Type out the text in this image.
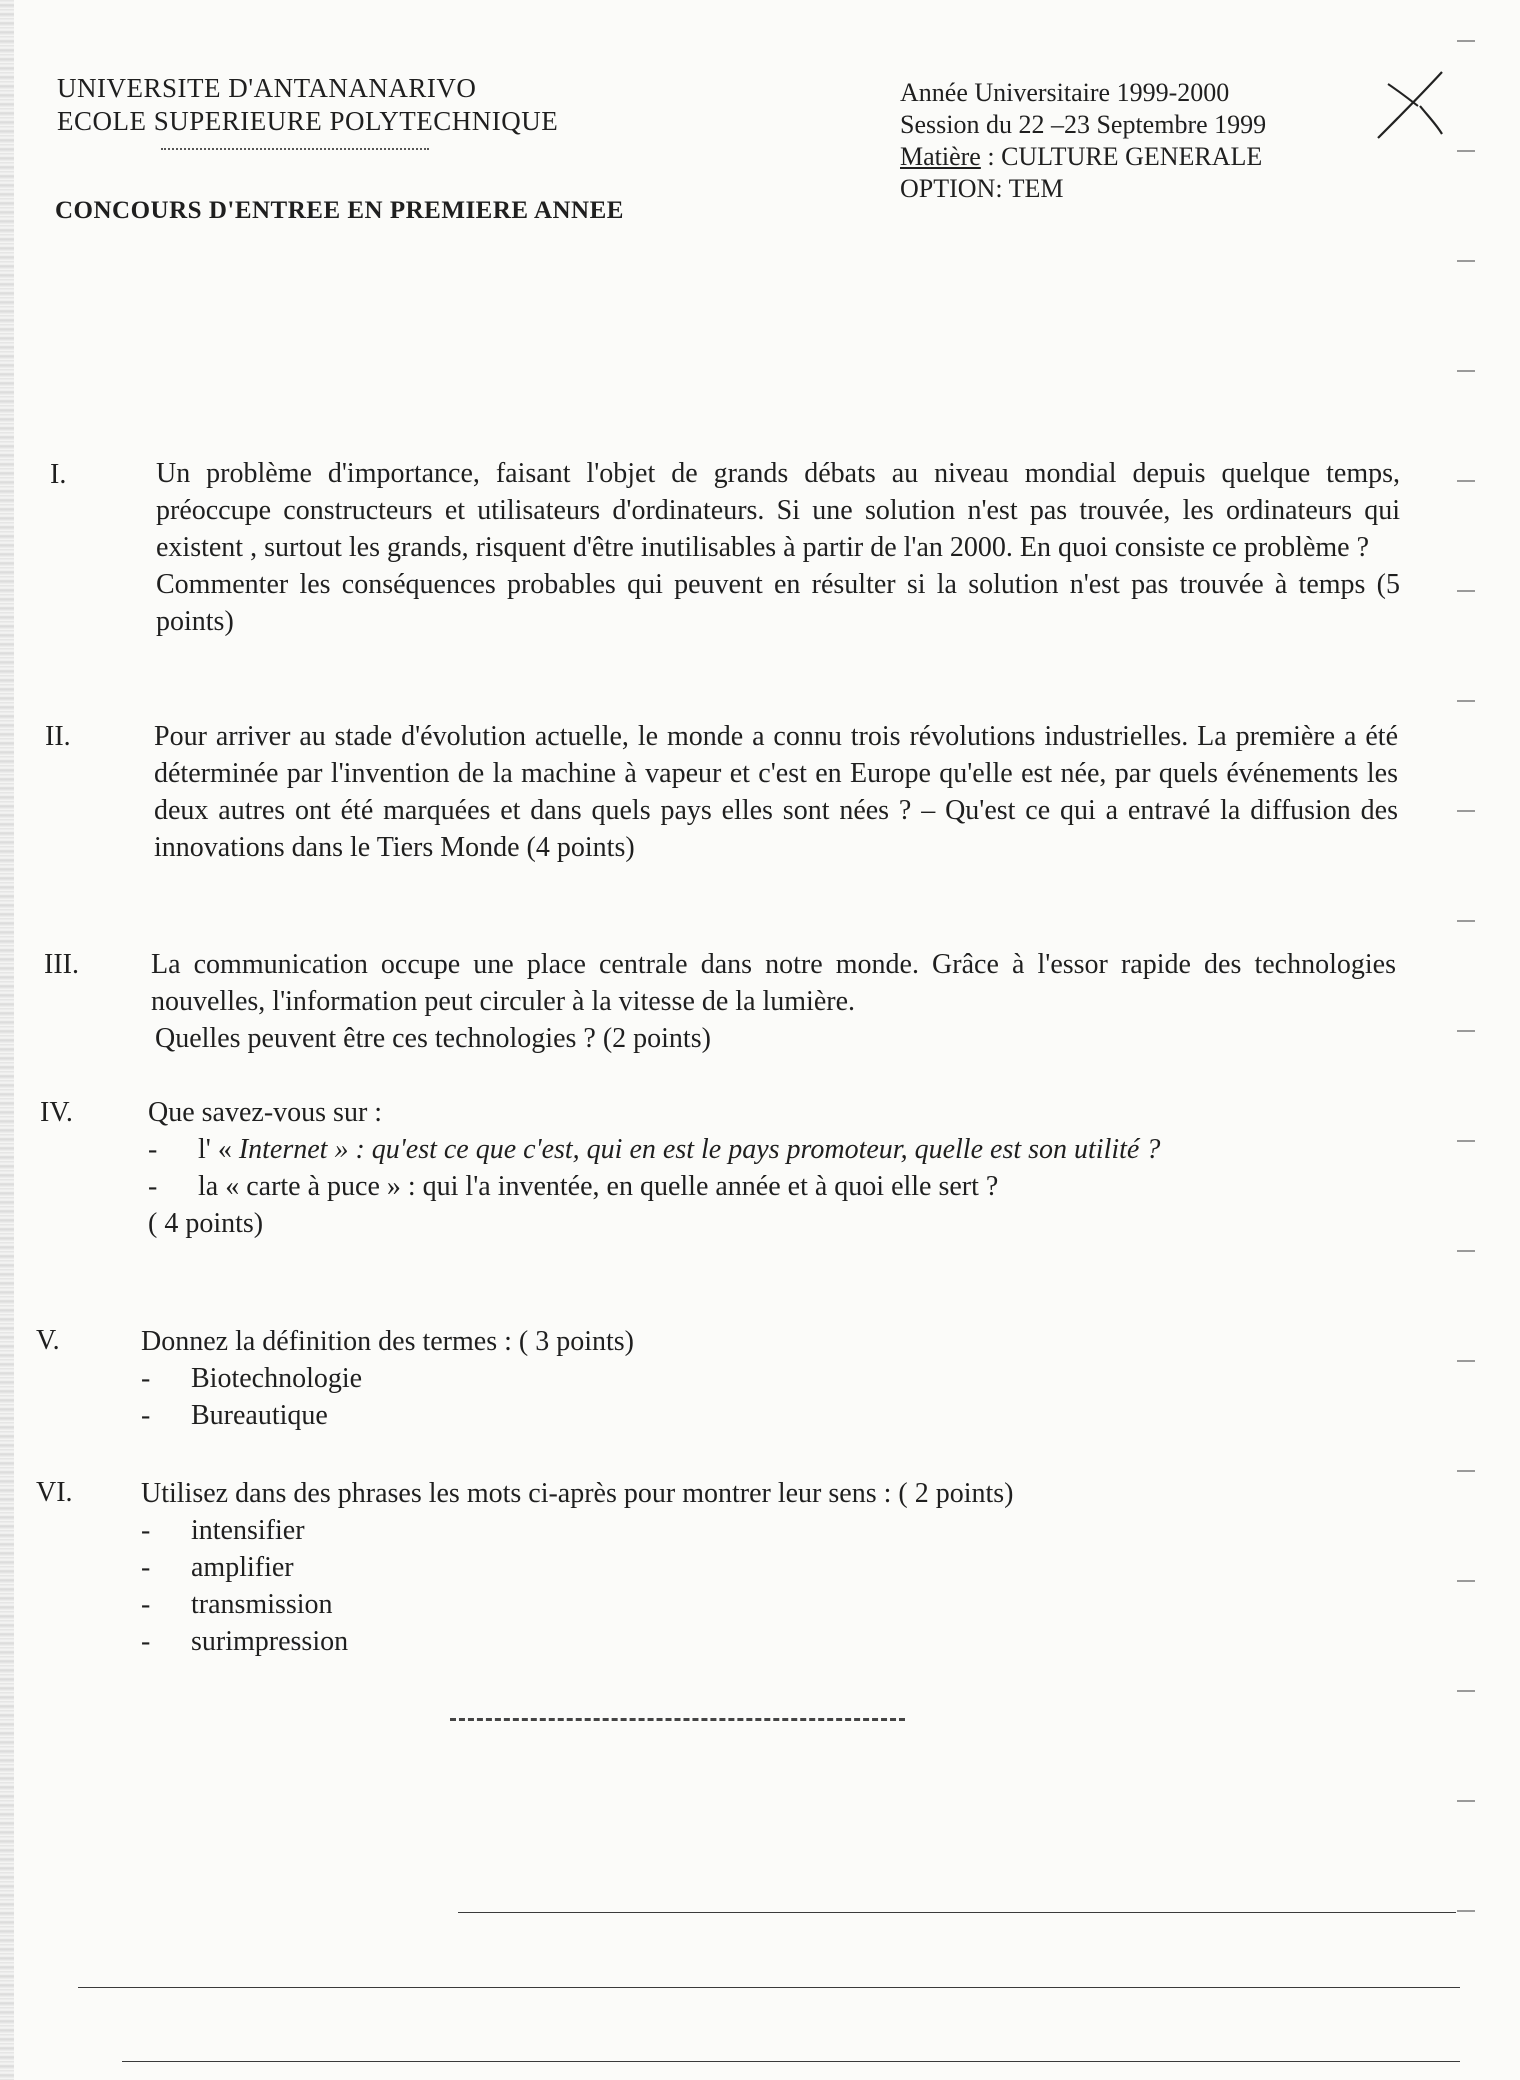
UNIVERSITE D'ANTANANARIVO
ECOLE SUPERIEURE POLYTECHNIQUE
CONCOURS D'ENTREE EN PREMIERE ANNEE
Année Universitaire 1999-2000
Session du 22 –23 Septembre 1999
Matière : CULTURE GENERALE
OPTION: TEM
I.	Un problème d'importance, faisant l'objet de grands débats au niveau mondial depuis quelque temps, préoccupe constructeurs et utilisateurs d'ordinateurs. Si une solution n'est pas trouvée, les ordinateurs qui existent , surtout les grands, risquent d'être inutilisables à partir de l'an 2000. En quoi consiste ce problème ?

Commenter les conséquences probables qui peuvent en résulter si la solution n'est pas trouvée à temps (5 points)

II.	Pour arriver au stade d'évolution actuelle, le monde a connu trois révolutions industrielles. La première a été déterminée par l'invention de la machine à vapeur et c'est en Europe qu'elle est née, par quels événements les deux autres ont été marquées et dans quels pays elles sont nées ? – Qu'est ce qui a entravé la diffusion des innovations dans le Tiers Monde (4 points)

III.	La communication occupe une place centrale dans notre monde. Grâce à l'essor rapide des technologies nouvelles, l'information peut circuler à la vitesse de la lumière.

Quelles peuvent être ces technologies ? (2 points)

IV.	Que savez-vous sur :

- l' « Internet » : qu'est ce que c'est, qui en est le pays promoteur, quelle est son utilité ?
- la « carte à puce » : qui l'a inventée, en quelle année et à quoi elle sert ?

( 4 points)

V.	Donnez la définition des termes : ( 3 points)

- Biotechnologie
- Bureautique
VI. Utilisez dans des phrases les mots ci-après pour montrer leur sens : ( 2 points)

- intensifier
- amplifier
- transmission
- surimpression
